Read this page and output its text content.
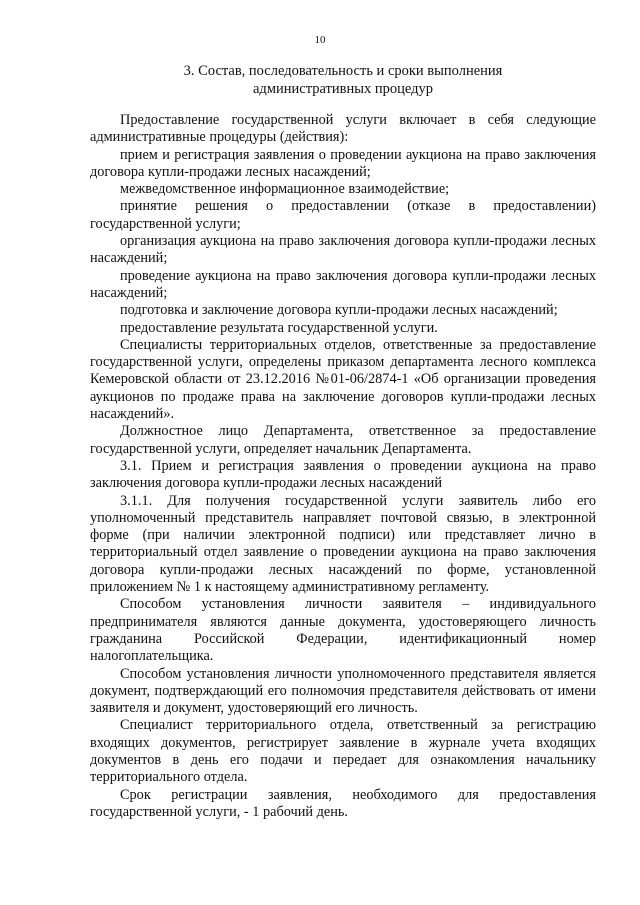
10
3. Состав, последовательность и сроки выполнения
административных процедур

Предоставление государственной услуги включает в себя следующие административные процедуры (действия):

прием и регистрация заявления о проведении аукциона на право заключения договора купли-продажи лесных насаждений;

межведомственное информационное взаимодействие;

принятие решения о предоставлении (отказе в предоставлении) государственной услуги;

организация аукциона на право заключения договора купли-продажи лесных насаждений;

проведение аукциона на право заключения договора купли-продажи лесных насаждений;

подготовка и заключение договора купли-продажи лесных насаждений;

предоставление результата государственной услуги.

Специалисты территориальных отделов, ответственные за предоставление государственной услуги, определены приказом департамента лесного комплекса Кемеровской области от 23.12.2016 №01-06/2874-1 «Об организации проведения аукционов по продаже права на заключение договоров купли-продажи лесных насаждений».

Должностное лицо Департамента, ответственное за предоставление государственной услуги, определяет начальник Департамента.

3.1. Прием и регистрация заявления о проведении аукциона на право заключения договора купли-продажи лесных насаждений

3.1.1. Для получения государственной услуги заявитель либо его уполномоченный представитель направляет почтовой связью, в электронной форме (при наличии электронной подписи) или представляет лично в территориальный отдел заявление о проведении аукциона на право заключения договора купли-продажи лесных насаждений по форме, установленной приложением № 1 к настоящему административному регламенту.

Способом установления личности заявителя – индивидуального предпринимателя являются данные документа, удостоверяющего личность гражданина Российской Федерации, идентификационный номер налогоплательщика.

Способом установления личности уполномоченного представителя является документ, подтверждающий его полномочия представителя действовать от имени заявителя и документ, удостоверяющий его личность.

Специалист территориального отдела, ответственный за регистрацию входящих документов, регистрирует заявление в журнале учета входящих документов в день его подачи и передает для ознакомления начальнику территориального отдела.

Срок регистрации заявления, необходимого для предоставления государственной услуги, - 1 рабочий день.
